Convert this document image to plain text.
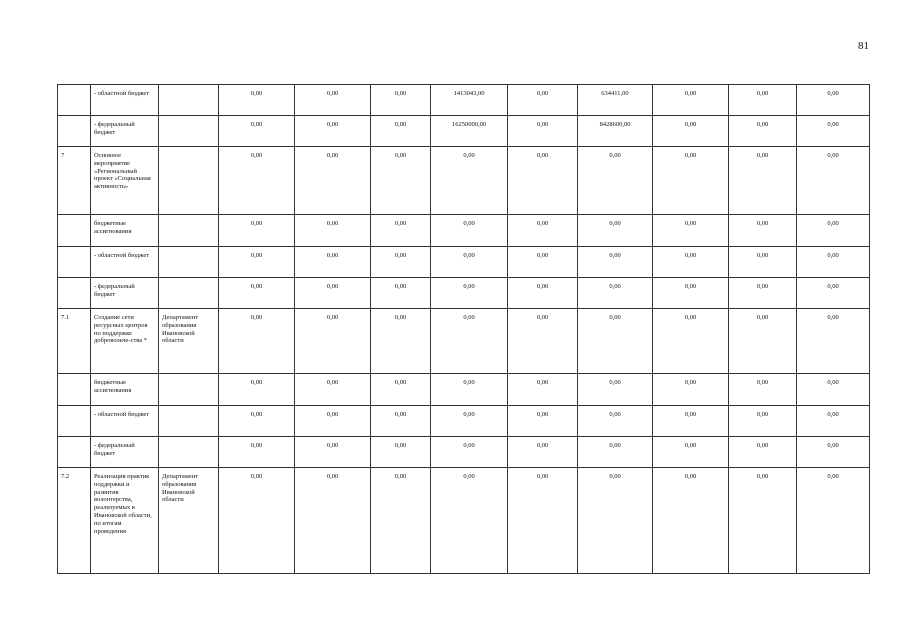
81
	- областной бюджет		0,00	0,00	0,00	1413043,00	0,00	634411,00	0,00	0,00	0,00
	- федеральный бюджет		0,00	0,00	0,00	16250000,00	0,00	8428600,00	0,00	0,00	0,00
7	Основное мероприятие «Региональный проект «Социальная активность»		0,00	0,00	0,00	0,00	0,00	0,00	0,00	0,00	0,00
	бюджетные ассигнования		0,00	0,00	0,00	0,00	0,00	0,00	0,00	0,00	0,00
	- областной бюджет		0,00	0,00	0,00	0,00	0,00	0,00	0,00	0,00	0,00
	- федеральный бюджет		0,00	0,00	0,00	0,00	0,00	0,00	0,00	0,00	0,00
7.1	Создание сети ресурсных центров по поддержке добровольче-ства *	Департамент образования Ивановской области	0,00	0,00	0,00	0,00	0,00	0,00	0,00	0,00	0,00
	бюджетные ассигнования		0,00	0,00	0,00	0,00	0,00	0,00	0,00	0,00	0,00
	- областной бюджет		0,00	0,00	0,00	0,00	0,00	0,00	0,00	0,00	0,00
	- федеральный бюджет		0,00	0,00	0,00	0,00	0,00	0,00	0,00	0,00	0,00
7.2	Реализация практик поддержки и развития волонтерства, реализуемых в Ивановской области, по итогам проведения	Департамент образования Ивановской области	0,00	0,00	0,00	0,00	0,00	0,00	0,00	0,00	0,00
